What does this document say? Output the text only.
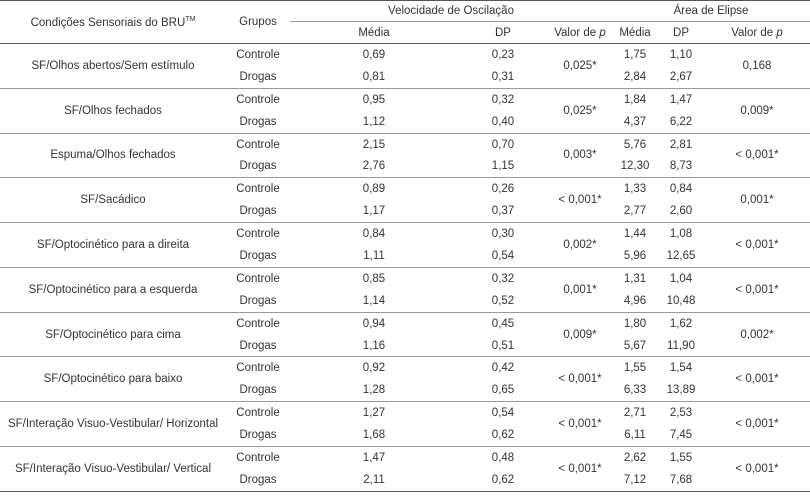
Condições Sensoriais do BRU™	Grupos	Velocidade de Oscilação			Área de Elipse		
		Média	DP	Valor de p	Média	DP	Valor de p
SF/Olhos abertos/Sem estímulo	Controle	0,69	0,23	0,025*	1,75	1,10	0,168
	Drogas	0,81	0,31		2,84	2,67	
SF/Olhos fechados	Controle	0,95	0,32	0,025*	1,84	1,47	0,009*
	Drogas	1,12	0,40		4,37	6,22	
Espuma/Olhos fechados	Controle	2,15	0,70	0,003*	5,76	2,81	< 0,001*
	Drogas	2,76	1,15		12,30	8,73	
SF/Sacádico	Controle	0,89	0,26	< 0,001*	1,33	0,84	0,001*
	Drogas	1,17	0,37		2,77	2,60	
SF/Optocinético para a direita	Controle	0,84	0,30	0,002*	1,44	1,08	< 0,001*
	Drogas	1,11	0,54		5,96	12,65	
SF/Optocinético para a esquerda	Controle	0,85	0,32	0,001*	1,31	1,04	< 0,001*
	Drogas	1,14	0,52		4,96	10,48	
SF/Optocinético para cima	Controle	0,94	0,45	0,009*	1,80	1,62	0,002*
	Drogas	1,16	0,51		5,67	11,90	
SF/Optocinético para baixo	Controle	0,92	0,42	< 0,001*	1,55	1,54	< 0,001*
	Drogas	1,28	0,65		6,33	13,89	
SF/Interação Visuo-Vestibular/ Horizontal	Controle	1,27	0,54	< 0,001*	2,71	2,53	< 0,001*
	Drogas	1,68	0,62		6,11	7,45	
SF/Interação Visuo-Vestibular/ Vertical	Controle	1,47	0,48	< 0,001*	2,62	1,55	< 0,001*
	Drogas	2,11	0,62		7,12	7,68	
